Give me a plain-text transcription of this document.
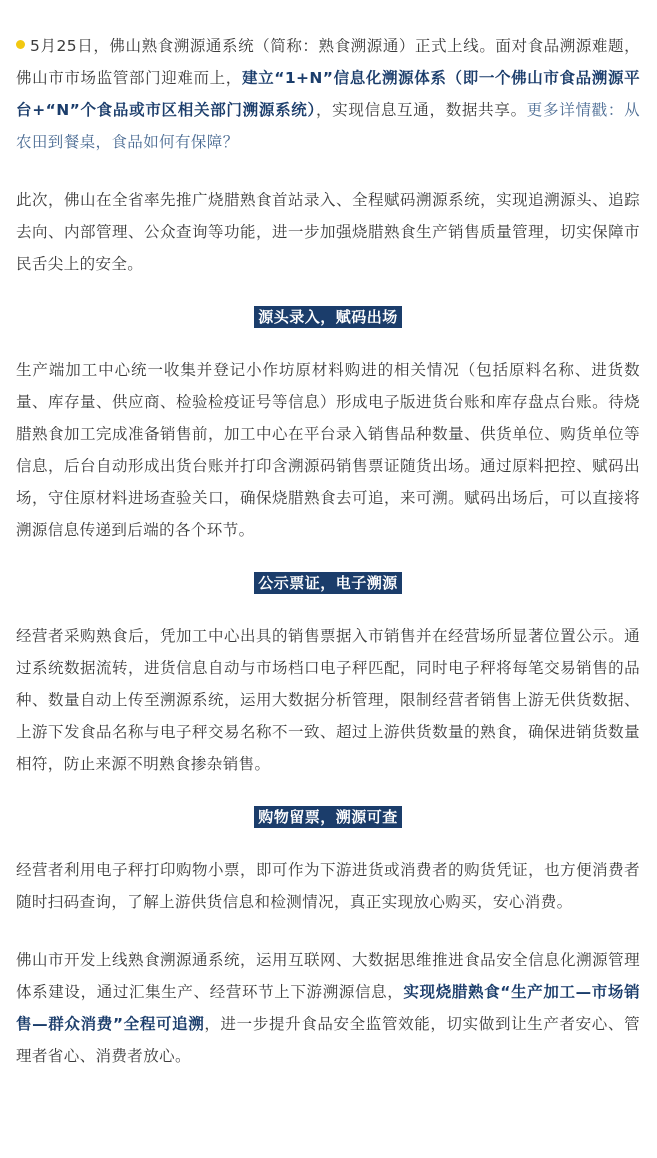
5月25日，佛山熟食溯源通系统（简称：熟食溯源通）正式上线。面对食品溯源难题，佛山市市场监管部门迎难而上，建立“1+N”信息化溯源体系（即一个佛山市食品溯源平台+“N”个食品或市区相关部门溯源系统），实现信息互通，数据共享。更多详情戳：从农田到餐桌，食品如何有保障？

此次，佛山在全省率先推广烧腊熟食首站录入、全程赋码溯源系统，实现追溯源头、追踪去向、内部管理、公众查询等功能，进一步加强烧腊熟食生产销售质量管理，切实保障市民舌尖上的安全。

源头录入，赋码出场

生产端加工中心统一收集并登记小作坊原材料购进的相关情况（包括原料名称、进货数量、库存量、供应商、检验检疫证号等信息）形成电子版进货台账和库存盘点台账。待烧腊熟食加工完成准备销售前，加工中心在平台录入销售品种数量、供货单位、购货单位等信息，后台自动形成出货台账并打印含溯源码销售票证随货出场。通过原料把控、赋码出场，守住原材料进场查验关口，确保烧腊熟食去可追，来可溯。赋码出场后，可以直接将溯源信息传递到后端的各个环节。

公示票证，电子溯源

经营者采购熟食后，凭加工中心出具的销售票据入市销售并在经营场所显著位置公示。通过系统数据流转，进货信息自动与市场档口电子秤匹配，同时电子秤将每笔交易销售的品种、数量自动上传至溯源系统，运用大数据分析管理，限制经营者销售上游无供货数据、上游下发食品名称与电子秤交易名称不一致、超过上游供货数量的熟食，确保进销货数量相符，防止来源不明熟食掺杂销售。

购物留票，溯源可查

经营者利用电子秤打印购物小票，即可作为下游进货或消费者的购货凭证，也方便消费者随时扫码查询，了解上游供货信息和检测情况，真正实现放心购买，安心消费。

佛山市开发上线熟食溯源通系统，运用互联网、大数据思维推进食品安全信息化溯源管理体系建设，通过汇集生产、经营环节上下游溯源信息，实现烧腊熟食“生产加工—市场销售—群众消费”全程可追溯，进一步提升食品安全监管效能，切实做到让生产者安心、管理者省心、消费者放心。
